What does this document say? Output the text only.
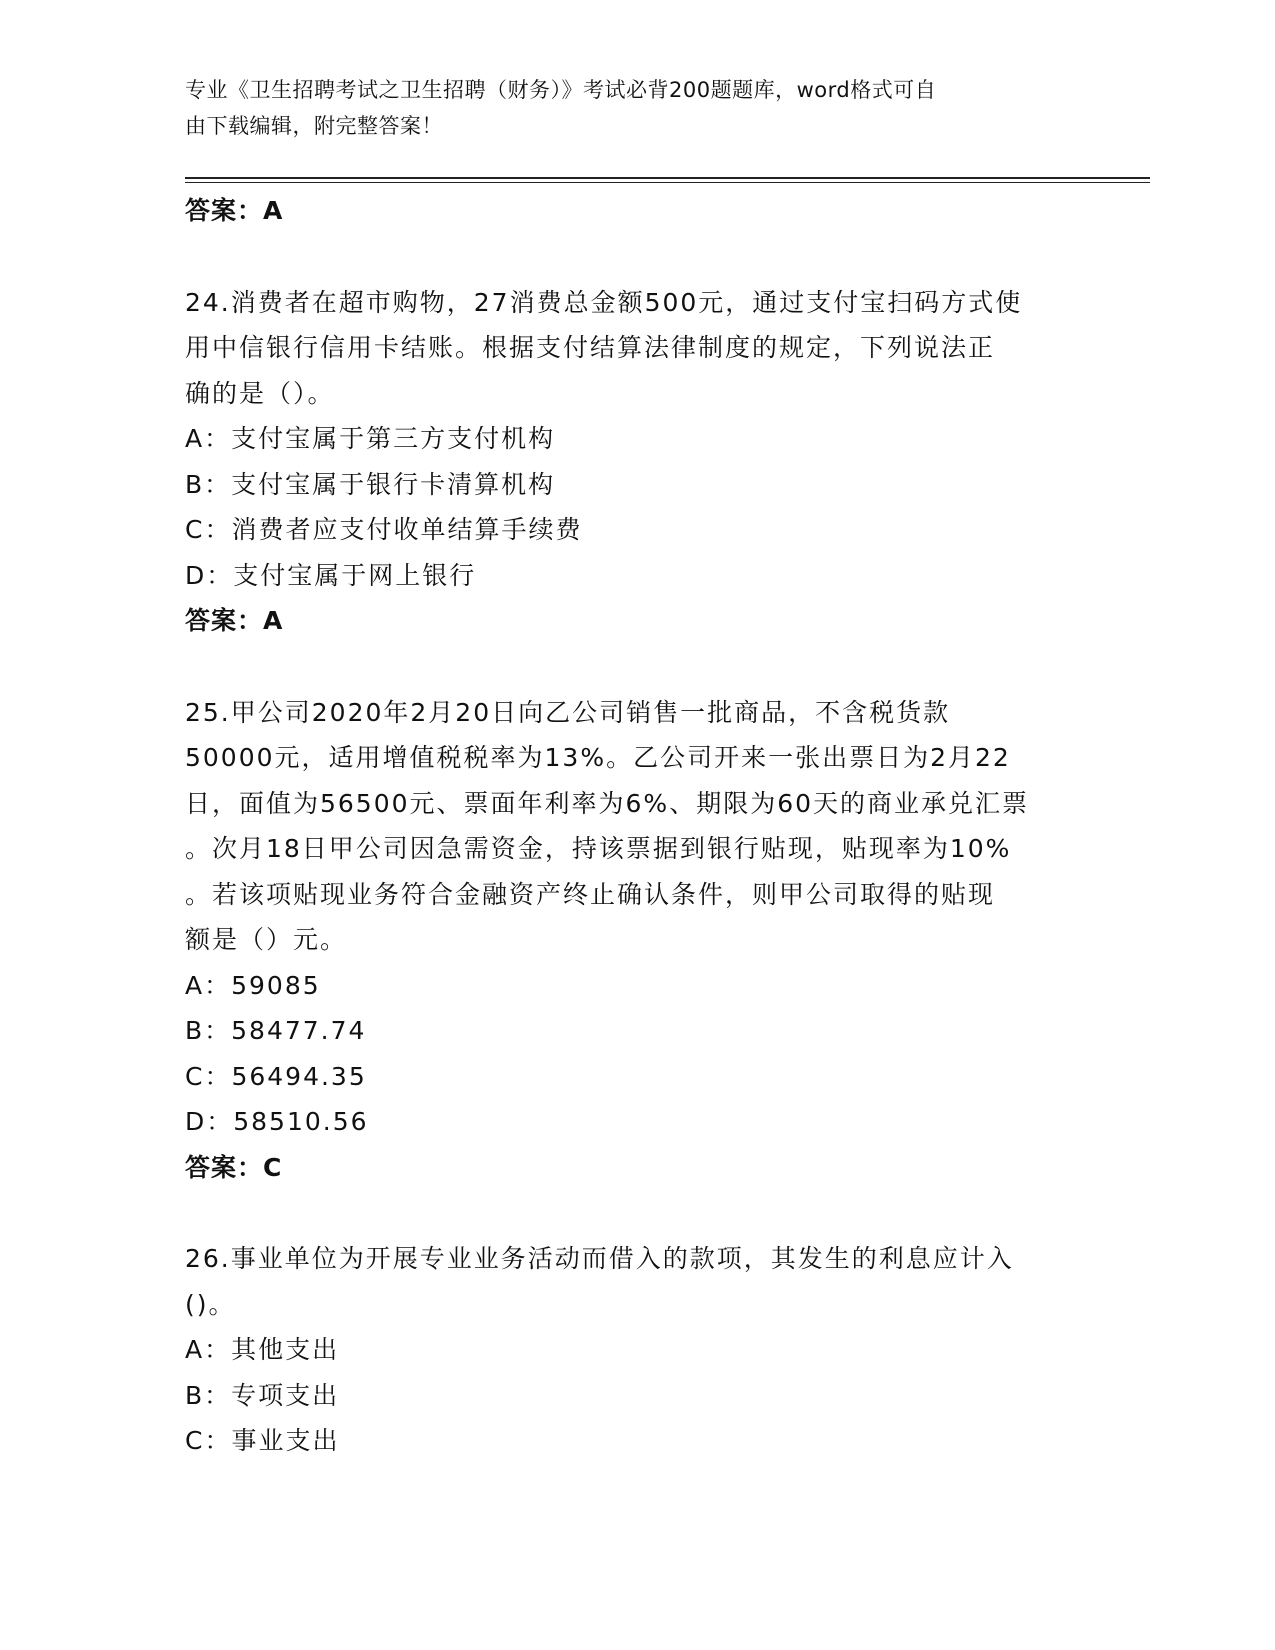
专业《卫生招聘考试之卫生招聘（财务）》考试必背200题题库，word格式可自
由下载编辑，附完整答案！
答案：A
24.消费者在超市购物，27消费总金额500元，通过支付宝扫码方式使
用中信银行信用卡结账。根据支付结算法律制度的规定，下列说法正
确的是（）。
A：支付宝属于第三方支付机构
B：支付宝属于银行卡清算机构
C：消费者应支付收单结算手续费
D：支付宝属于网上银行
答案：A
25.甲公司2020年2月20日向乙公司销售一批商品，不含税货款
50000元，适用增值税税率为13%。乙公司开来一张出票日为2月22
日，面值为56500元、票面年利率为6%、期限为60天的商业承兑汇票
。次月18日甲公司因急需资金，持该票据到银行贴现，贴现率为10%
。若该项贴现业务符合金融资产终止确认条件，则甲公司取得的贴现
额是（）元。
A：59085
B：58477.74
C：56494.35
D：58510.56
答案：C
26.事业单位为开展专业业务活动而借入的款项，其发生的利息应计入
()。
A：其他支出
B：专项支出
C：事业支出
